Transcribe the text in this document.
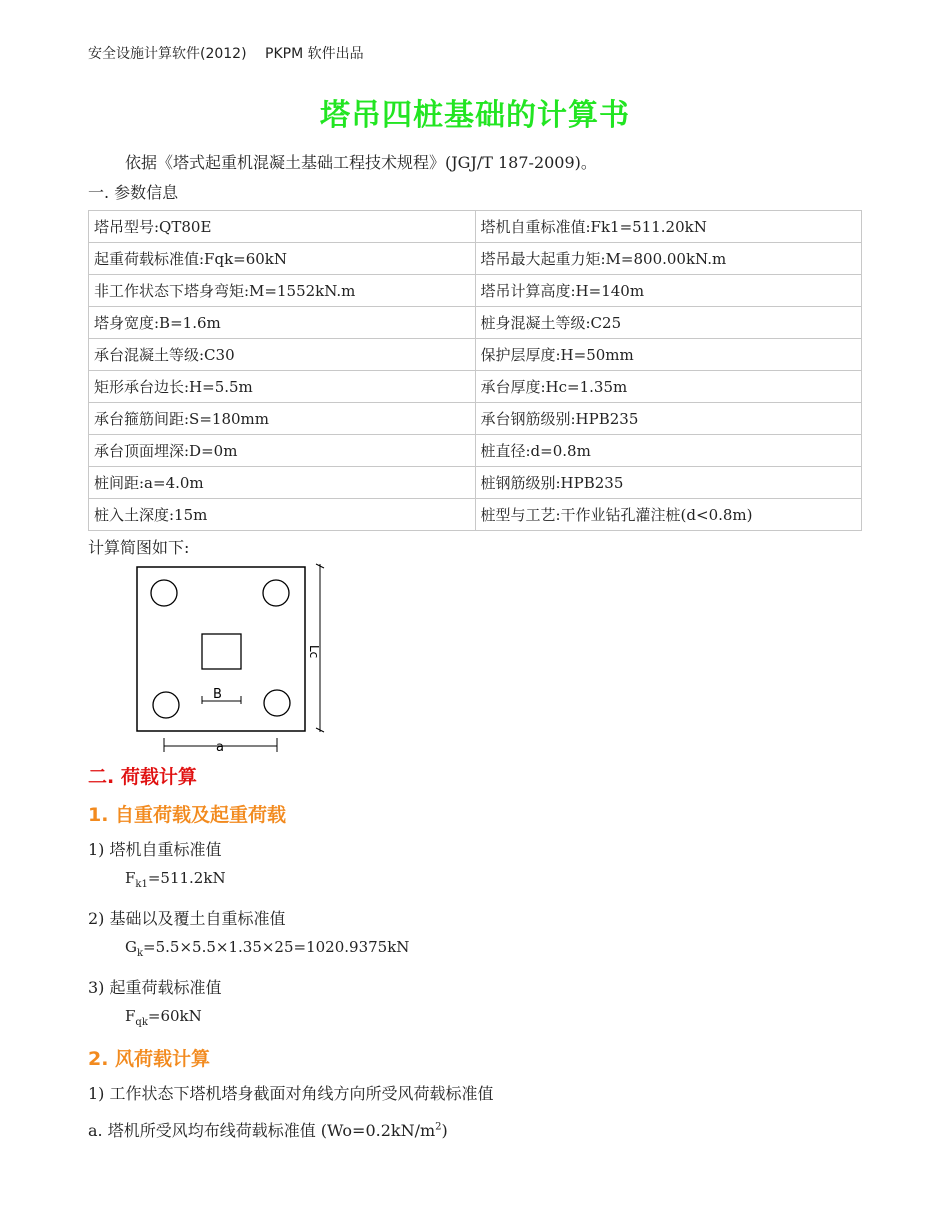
安全设施计算软件(2012) PKPM 软件出品
塔吊四桩基础的计算书
依据《塔式起重机混凝土基础工程技术规程》(JGJ/T 187-2009)。
一. 参数信息
塔吊型号:QT80E	塔机自重标准值:Fk1=511.20kN
起重荷载标准值:Fqk=60kN	塔吊最大起重力矩:M=800.00kN.m
非工作状态下塔身弯矩:M=1552kN.m	塔吊计算高度:H=140m
塔身宽度:B=1.6m	桩身混凝土等级:C25
承台混凝土等级:C30	保护层厚度:H=50mm
矩形承台边长:H=5.5m	承台厚度:Hc=1.35m
承台箍筋间距:S=180mm	承台钢筋级别:HPB235
承台顶面埋深:D=0m	桩直径:d=0.8m
桩间距:a=4.0m	桩钢筋级别:HPB235
桩入土深度:15m	桩型与工艺:干作业钻孔灌注桩(d<0.8m)
计算简图如下:
B
Lc
a
二. 荷载计算
1. 自重荷载及起重荷载
1) 塔机自重标准值
$F_{k1}=511.2kN$
2) 基础以及覆土自重标准值
$G_k=5.5\times 5.5\times 1.35\times 25=1020.9375kN$
3) 起重荷载标准值
$F_{qk}=60kN$
2. 风荷载计算
1) 工作状态下塔机塔身截面对角线方向所受风荷载标准值
a. 塔机所受风均布线荷载标准值 $(Wo=0.2kN/m^2)$
